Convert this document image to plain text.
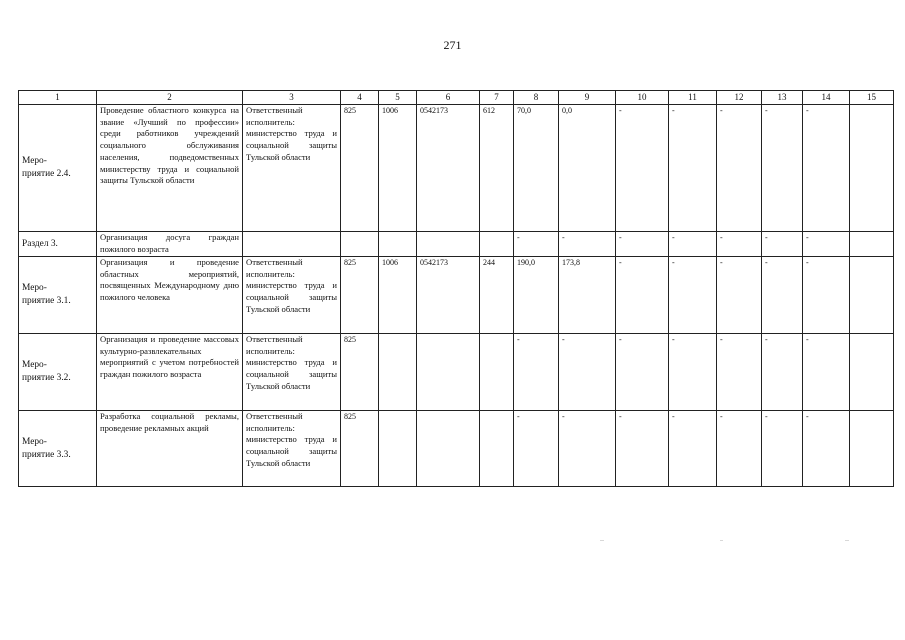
271
1	2	3	4	5	6	7	8	9	10	11	12	13	14	15
Меро-
приятие 2.4.	Проведение областного конкурса на звание «Лучший по профессии» среди работников учреждений социального обслуживания населения, подведомственных министерству труда и социальной защиты Тульской области	Ответственный исполнитель: министерство труда и социальной защиты Тульской области	825	1006	0542173	612	70,0	0,0	-	-	-	-	-	
Раздел 3.	Организация досуга граждан пожилого возраста						-	-	-	-	-	-	-	
Меро-
приятие 3.1.	Организация и проведение областных мероприятий, посвященных Международному дню пожилого человека	Ответственный исполнитель: министерство труда и социальной защиты Тульской области	825	1006	0542173	244	190,0	173,8	-	-	-	-	-	
Меро-
приятие 3.2.	Организация и проведение массовых культурно-развлекательных мероприятий с учетом потребностей граждан пожилого возраста	Ответственный исполнитель: министерство труда и социальной защиты Тульской области	825				-	-	-	-	-	-	-	
Меро-
приятие 3.3.	Разработка социальной рекламы, проведение рекламных акций	Ответственный исполнитель: министерство труда и социальной защиты Тульской области	825				-	-	-	-	-	-	-	
